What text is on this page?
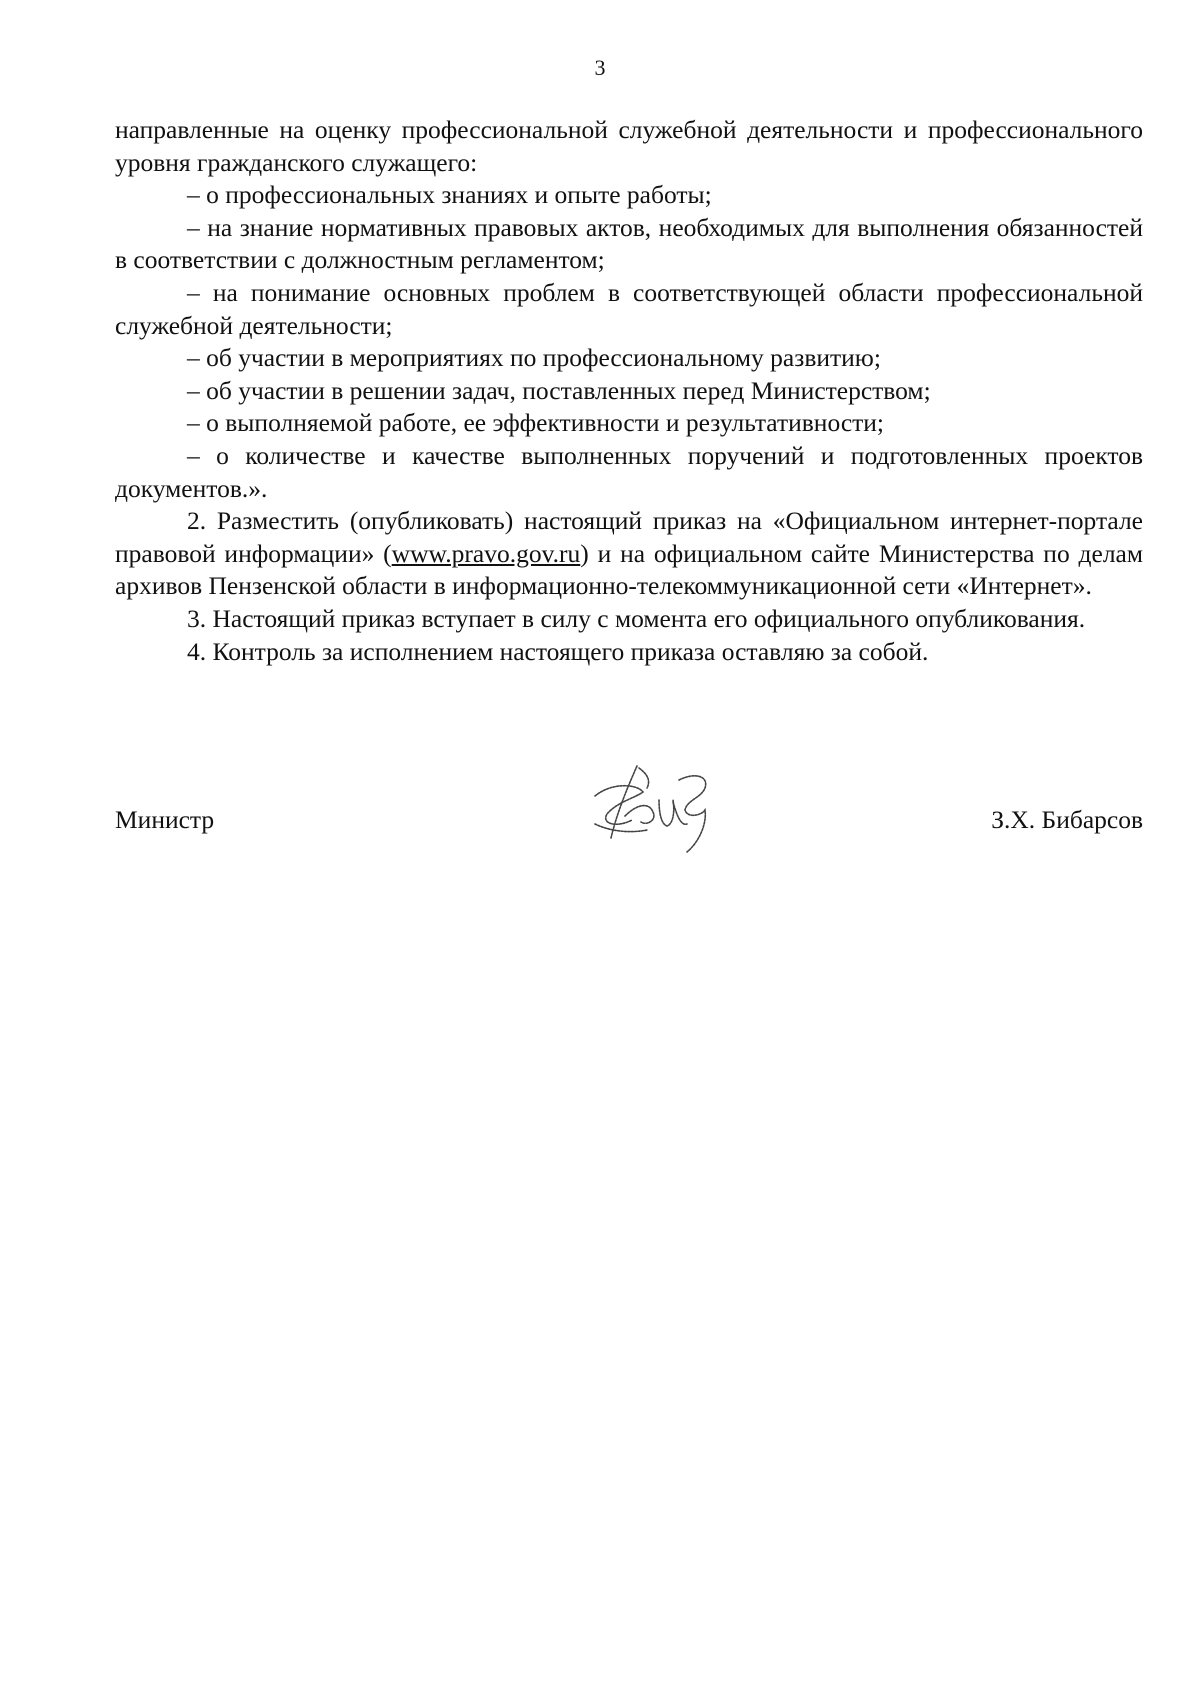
3

направленные на оценку профессиональной служебной деятельности и профессионального уровня гражданского служащего:

– о профессиональных знаниях и опыте работы;

– на знание нормативных правовых актов, необходимых для выполнения обязанностей в соответствии с должностным регламентом;

– на понимание основных проблем в соответствующей области профессиональной служебной деятельности;

– об участии в мероприятиях по профессиональному развитию;

– об участии в решении задач, поставленных перед Министерством;

– о выполняемой работе, ее эффективности и результативности;

– о количестве и качестве выполненных поручений и подготовленных проектов документов.».

2. Разместить (опубликовать) настоящий приказ на «Официальном интернет-портале правовой информации» (www.pravo.gov.ru) и на официальном сайте Министерства по делам архивов Пензенской области в информационно-телекоммуникационной сети «Интернет».

3. Настоящий приказ вступает в силу с момента его официального опубликования.

4. Контроль за исполнением настоящего приказа оставляю за собой.

Министр	З.Х. Бибарсов
